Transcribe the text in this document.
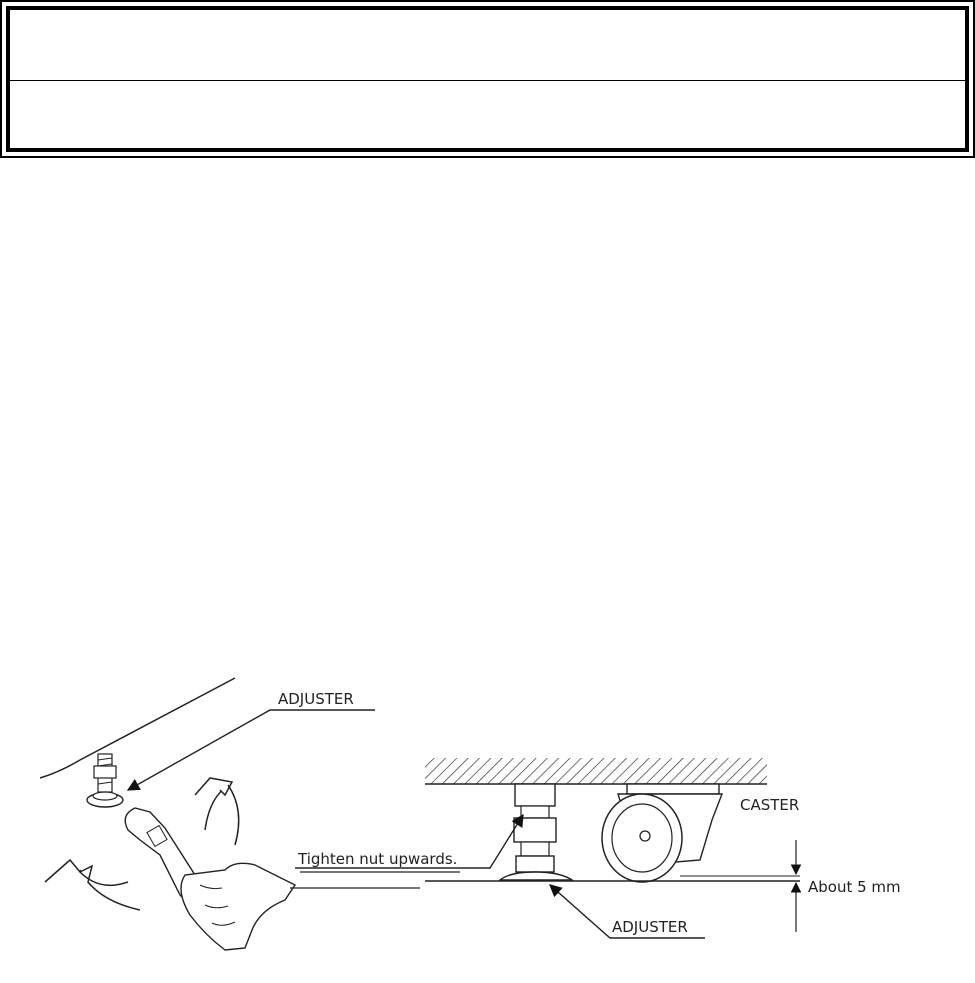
ADJUSTER
CASTER
Tighten nut upwards.
ADJUSTER
About 5 mm
